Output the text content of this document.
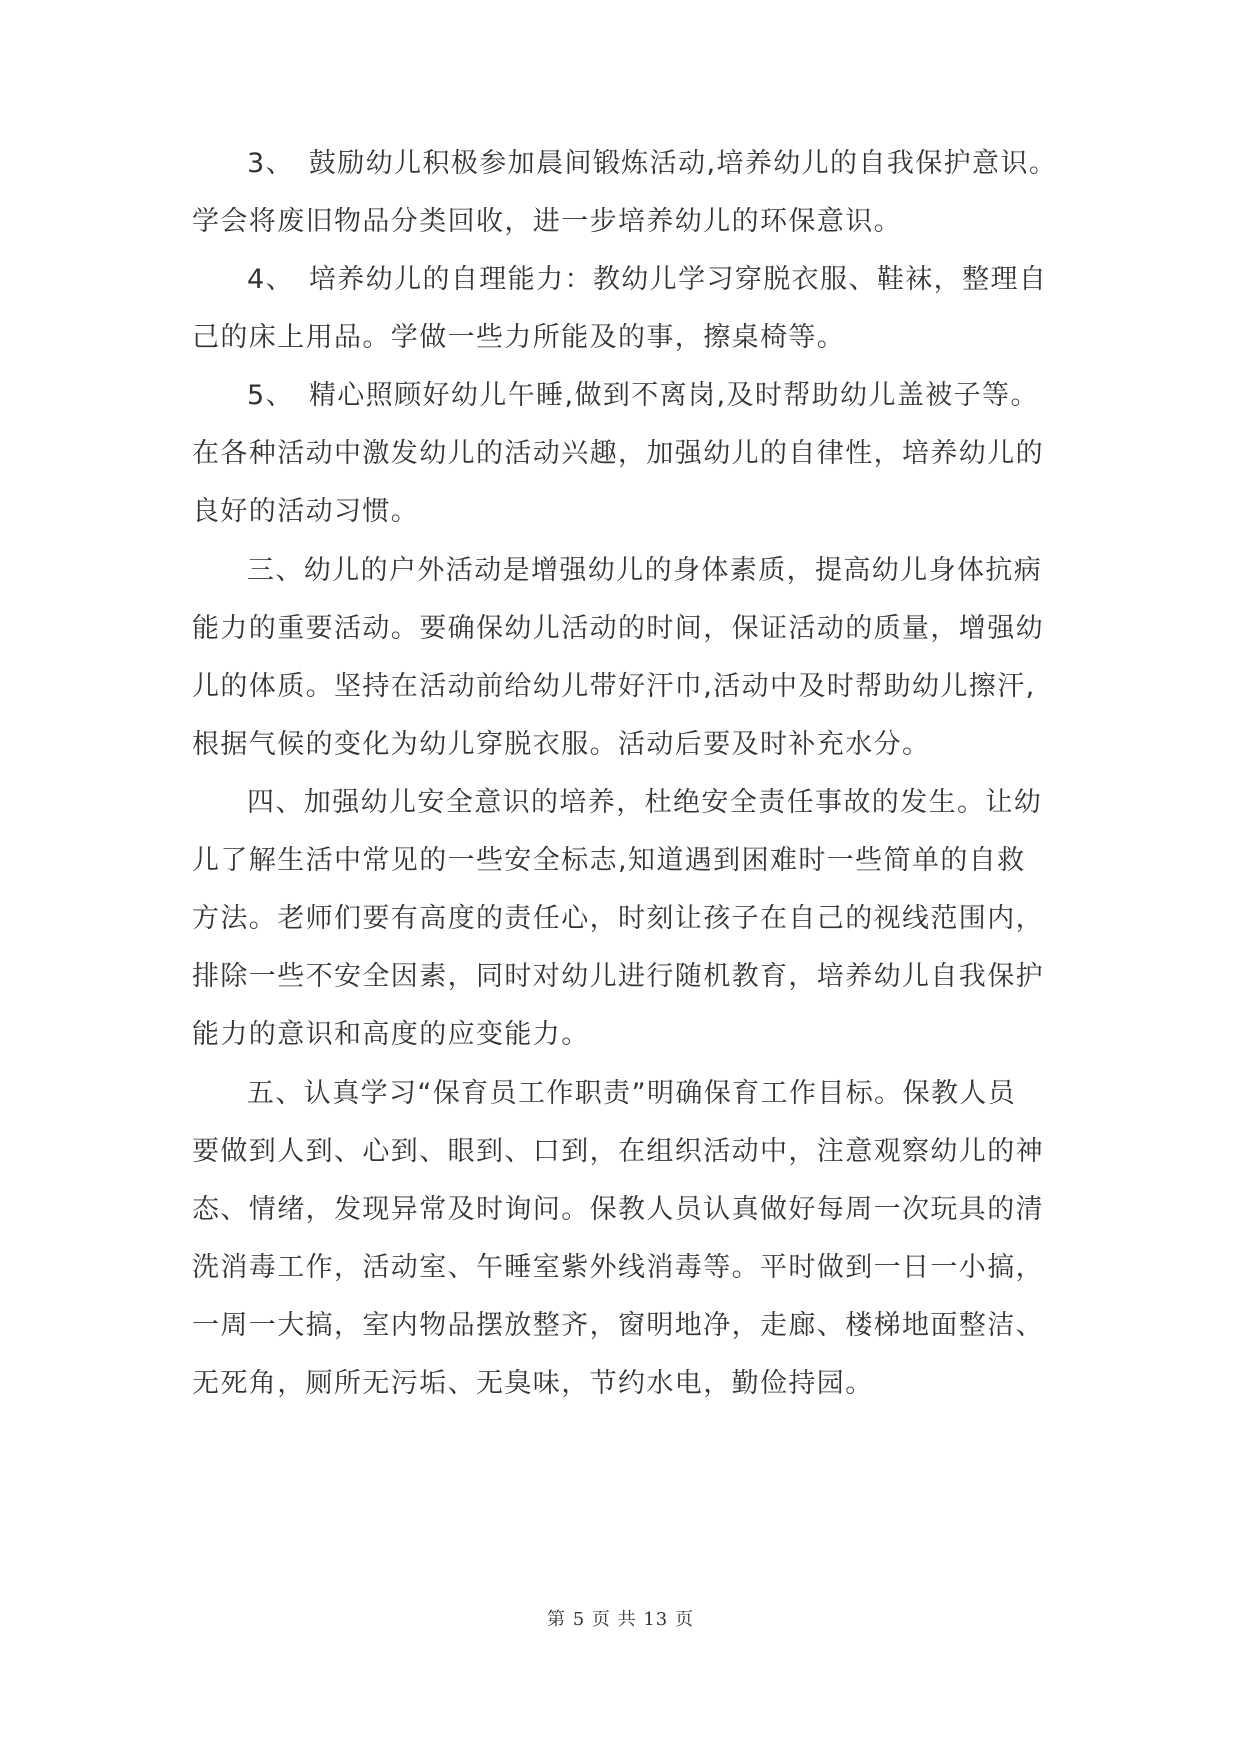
3、　鼓励幼儿积极参加晨间锻炼活动,培养幼儿的自我保护意识。
学会将废旧物品分类回收，进一步培养幼儿的环保意识。
4、　培养幼儿的自理能力：教幼儿学习穿脱衣服、鞋袜，整理自
己的床上用品。学做一些力所能及的事，擦桌椅等。
5、　精心照顾好幼儿午睡,做到不离岗,及时帮助幼儿盖被子等。
在各种活动中激发幼儿的活动兴趣，加强幼儿的自律性，培养幼儿的
良好的活动习惯。
三、幼儿的户外活动是增强幼儿的身体素质，提高幼儿身体抗病
能力的重要活动。要确保幼儿活动的时间，保证活动的质量，增强幼
儿的体质。坚持在活动前给幼儿带好汗巾,活动中及时帮助幼儿擦汗,
根据气候的变化为幼儿穿脱衣服。活动后要及时补充水分。
四、加强幼儿安全意识的培养，杜绝安全责任事故的发生。让幼
儿了解生活中常见的一些安全标志,知道遇到困难时一些简单的自救
方法。老师们要有高度的责任心，时刻让孩子在自己的视线范围内，
排除一些不安全因素，同时对幼儿进行随机教育，培养幼儿自我保护
能力的意识和高度的应变能力。
五、认真学习“保育员工作职责”明确保育工作目标。保教人员
要做到人到、心到、眼到、口到，在组织活动中，注意观察幼儿的神
态、情绪，发现异常及时询问。保教人员认真做好每周一次玩具的清
洗消毒工作，活动室、午睡室紫外线消毒等。平时做到一日一小搞，
一周一大搞，室内物品摆放整齐，窗明地净，走廊、楼梯地面整洁、
无死角，厕所无污垢、无臭味，节约水电，勤俭持园。
第 5 页 共 13 页
